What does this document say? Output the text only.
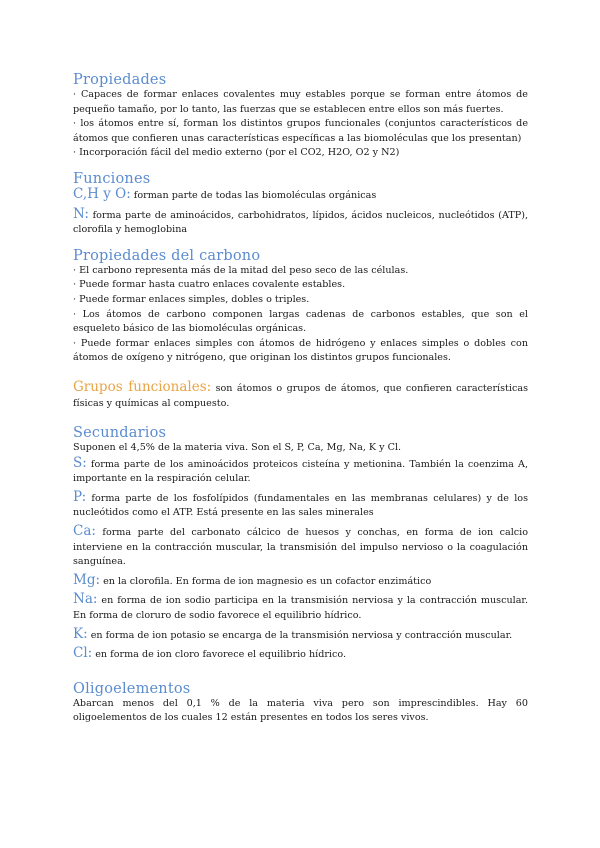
Propiedades

· Capaces de formar enlaces covalentes muy estables porque se forman entre átomos de pequeño tamaño, por lo tanto, las fuerzas que se establecen entre ellos son más fuertes.

· los átomos entre sí, forman los distintos grupos funcionales (conjuntos característicos de átomos que confieren unas características específicas a las biomoléculas que los presentan)

· Incorporación fácil del medio externo (por el CO2, H2O, O2 y N2)

Funciones

C,H y O: forman parte de todas las biomoléculas orgánicas

N: forma parte de aminoácidos, carbohidratos, lípidos, ácidos nucleicos, nucleótidos (ATP), clorofila y hemoglobina

Propiedades del carbono

· El carbono representa más de la mitad del peso seco de las células.

· Puede formar hasta cuatro enlaces covalente estables.

· Puede formar enlaces simples, dobles o triples.

· Los átomos de carbono componen largas cadenas de carbonos estables, que son el esqueleto básico de las biomoléculas orgánicas.

· Puede formar enlaces simples con átomos de hidrógeno y enlaces simples o dobles con átomos de oxígeno y nitrógeno, que originan los distintos grupos funcionales.

Grupos funcionales: son átomos o grupos de átomos, que confieren características físicas y químicas al compuesto.

Secundarios

Suponen el 4,5% de la materia viva. Son el S, P, Ca, Mg, Na, K y Cl.

S: forma parte de los aminoácidos proteicos cisteína y metionina. También la coenzima A, importante en la respiración celular.

P: forma parte de los fosfolípidos (fundamentales en las membranas celulares) y de los nucleótidos como el ATP. Está presente en las sales minerales

Ca: forma parte del carbonato cálcico de huesos y conchas, en forma de ion calcio interviene en la contracción muscular, la transmisión del impulso nervioso o la coagulación sanguínea.

Mg: en la clorofila. En forma de ion magnesio es un cofactor enzimático

Na: en forma de ion sodio participa en la transmisión nerviosa y la contracción muscular. En forma de cloruro de sodio favorece el equilibrio hídrico.

K: en forma de ion potasio se encarga de la transmisión nerviosa y contracción muscular.

Cl: en forma de ion cloro favorece el equilibrio hídrico.

Oligoelementos

Abarcan menos del 0,1 % de la materia viva pero son imprescindibles. Hay 60 oligoelementos de los cuales 12 están presentes en todos los seres vivos.
